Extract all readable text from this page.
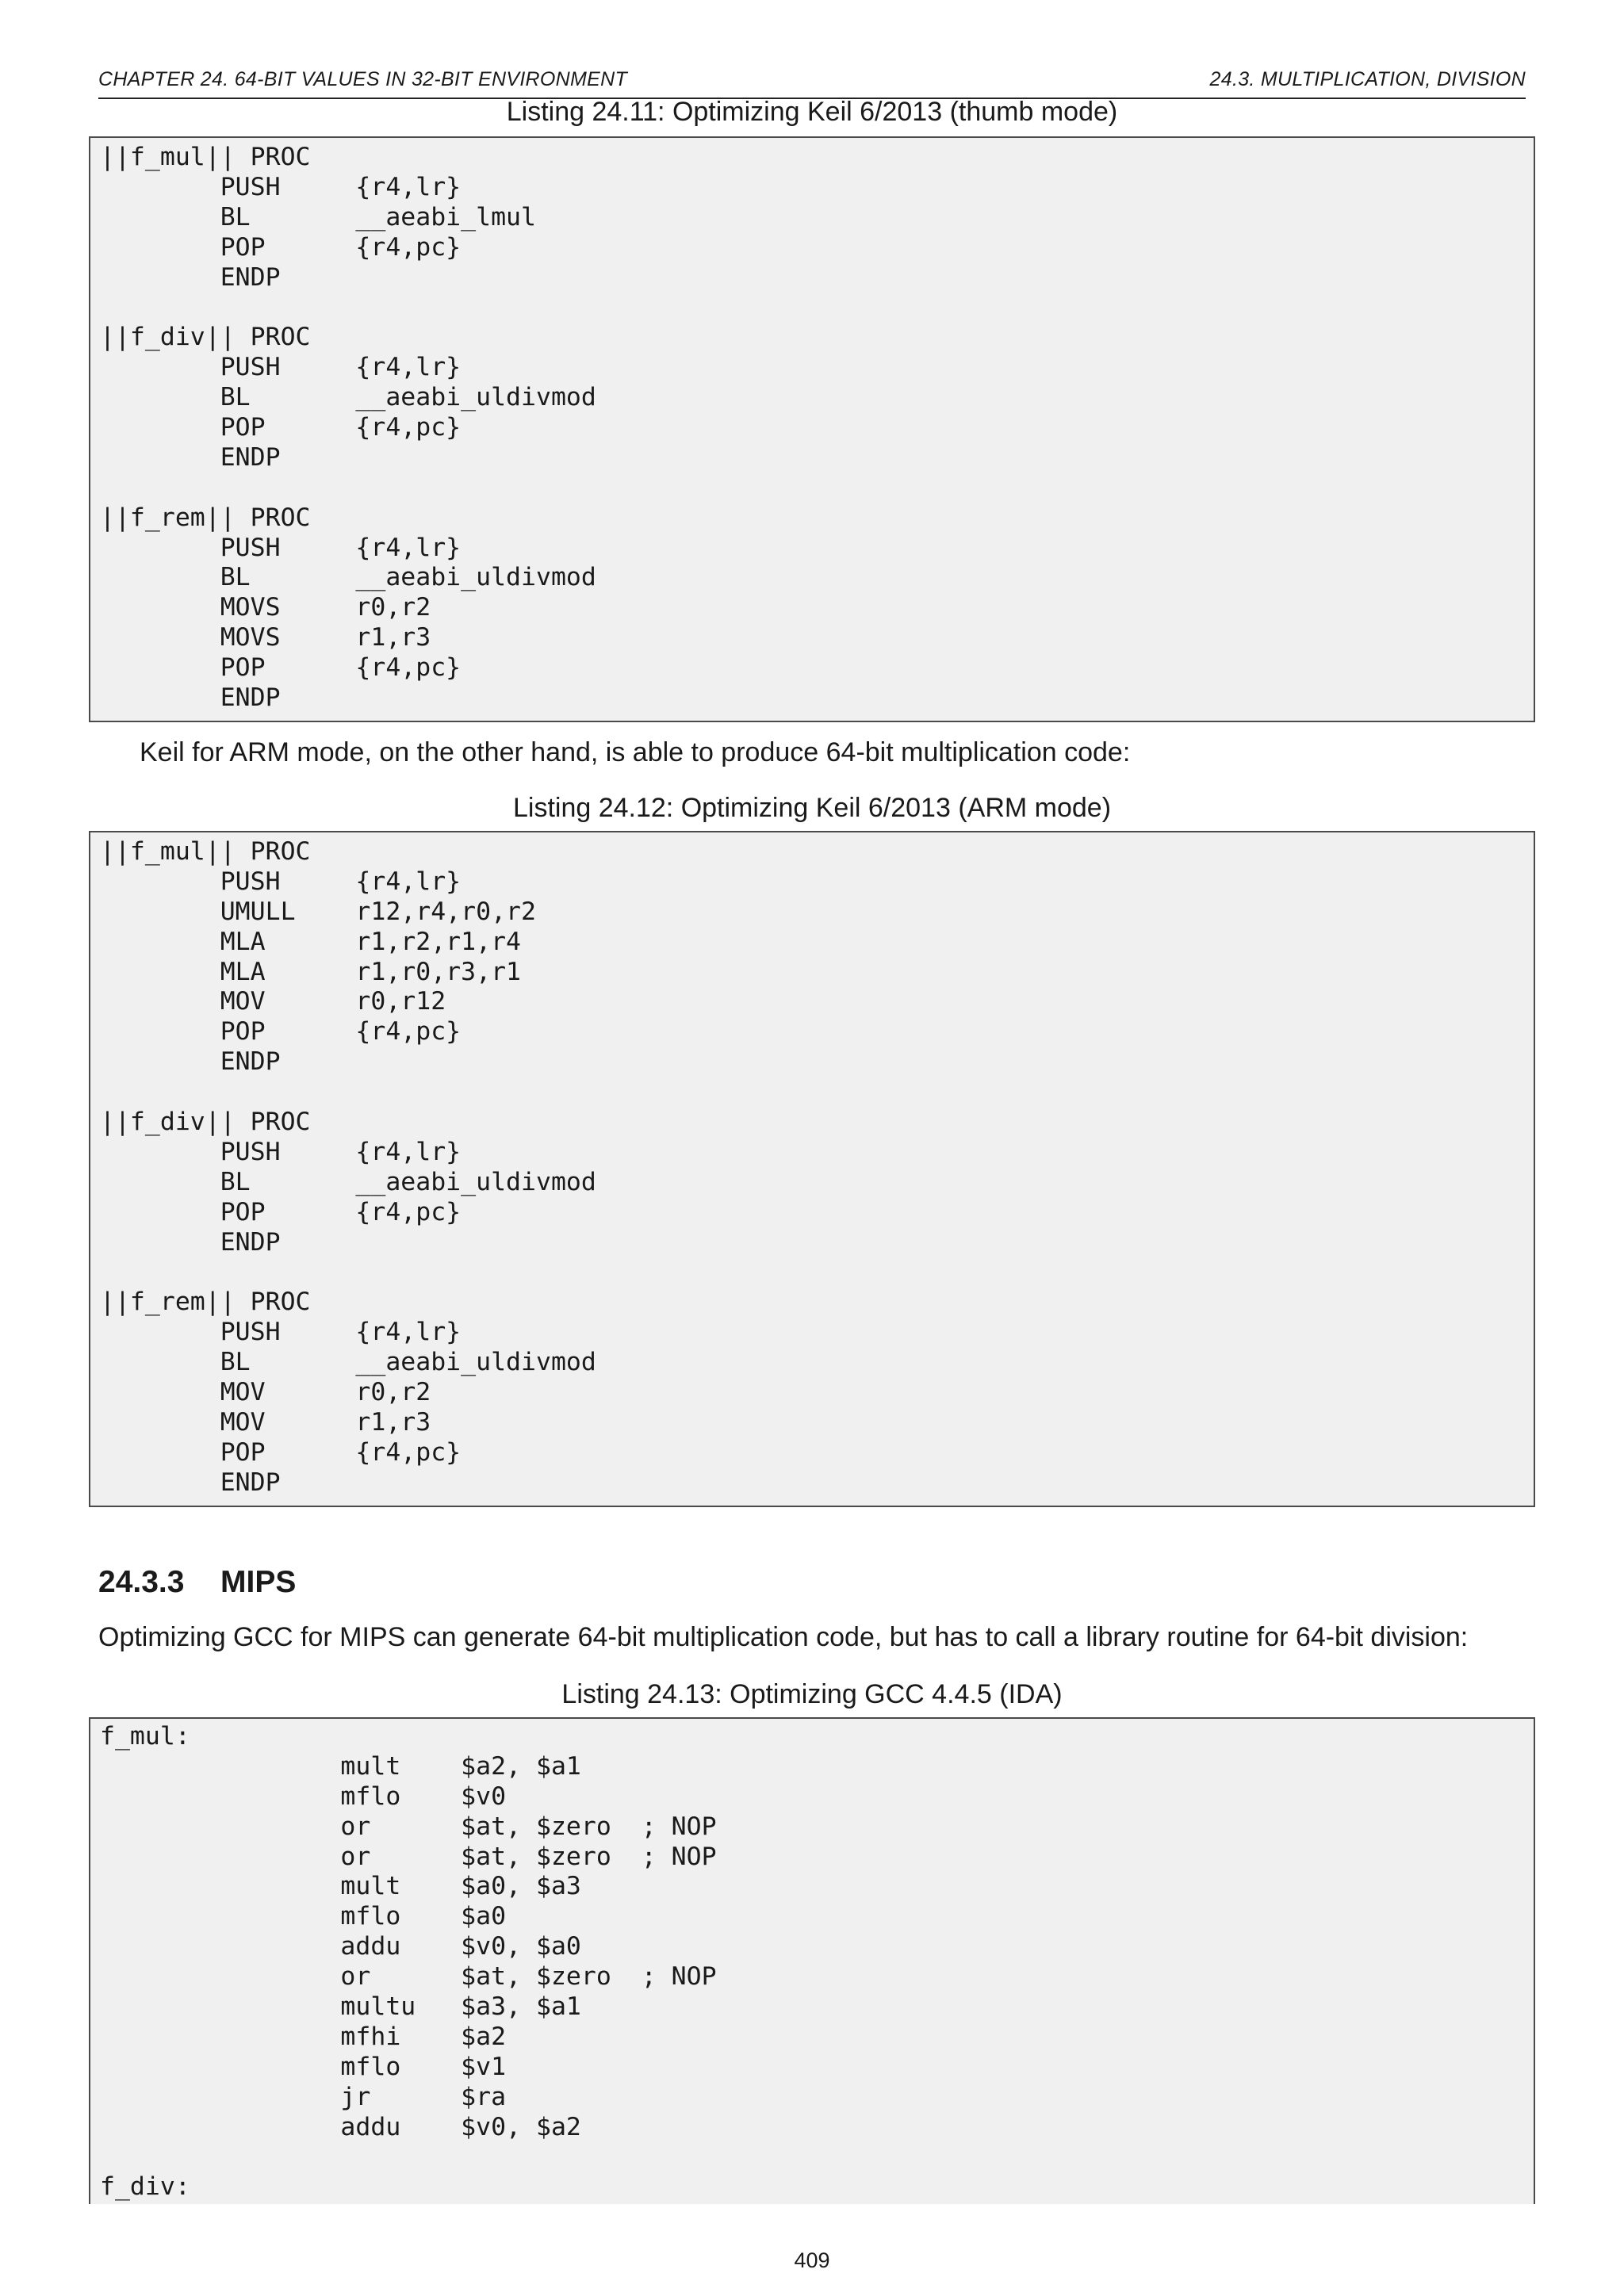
CHAPTER 24. 64-BIT VALUES IN 32-BIT ENVIRONMENT	24.3. MULTIPLICATION, DIVISION
Listing 24.11: Optimizing Keil 6/2013 (thumb mode)
||f_mul|| PROC
PUSH     {r4,lr}
BL       __aeabi_lmul
POP      {r4,pc}
ENDP

||f_div|| PROC
PUSH     {r4,lr}
BL       __aeabi_uldivmod
POP      {r4,pc}
ENDP

||f_rem|| PROC
PUSH     {r4,lr}
BL       __aeabi_uldivmod
MOVS     r0,r2
MOVS     r1,r3
POP      {r4,pc}
ENDP
Keil for ARM mode, on the other hand, is able to produce 64-bit multiplication code:
Listing 24.12: Optimizing Keil 6/2013 (ARM mode)
||f_mul|| PROC
PUSH     {r4,lr}
UMULL    r12,r4,r0,r2
MLA      r1,r2,r1,r4
MLA      r1,r0,r3,r1
MOV      r0,r12
POP      {r4,pc}
ENDP

||f_div|| PROC
PUSH     {r4,lr}
BL       __aeabi_uldivmod
POP      {r4,pc}
ENDP

||f_rem|| PROC
PUSH     {r4,lr}
BL       __aeabi_uldivmod
MOV      r0,r2
MOV      r1,r3
POP      {r4,pc}
ENDP
24.3.3 MIPS
Optimizing GCC for MIPS can generate 64-bit multiplication code, but has to call a library routine for 64-bit division:
Listing 24.13: Optimizing GCC 4.4.5 (IDA)
f_mul:
mult    $a2, $a1
mflo    $v0
or      $at, $zero  ; NOP
or      $at, $zero  ; NOP
mult    $a0, $a3
mflo    $a0
addu    $v0, $a0
or      $at, $zero  ; NOP
multu   $a3, $a1
mfhi    $a2
mflo    $v1
jr      $ra
addu    $v0, $a2

f_div:
409
